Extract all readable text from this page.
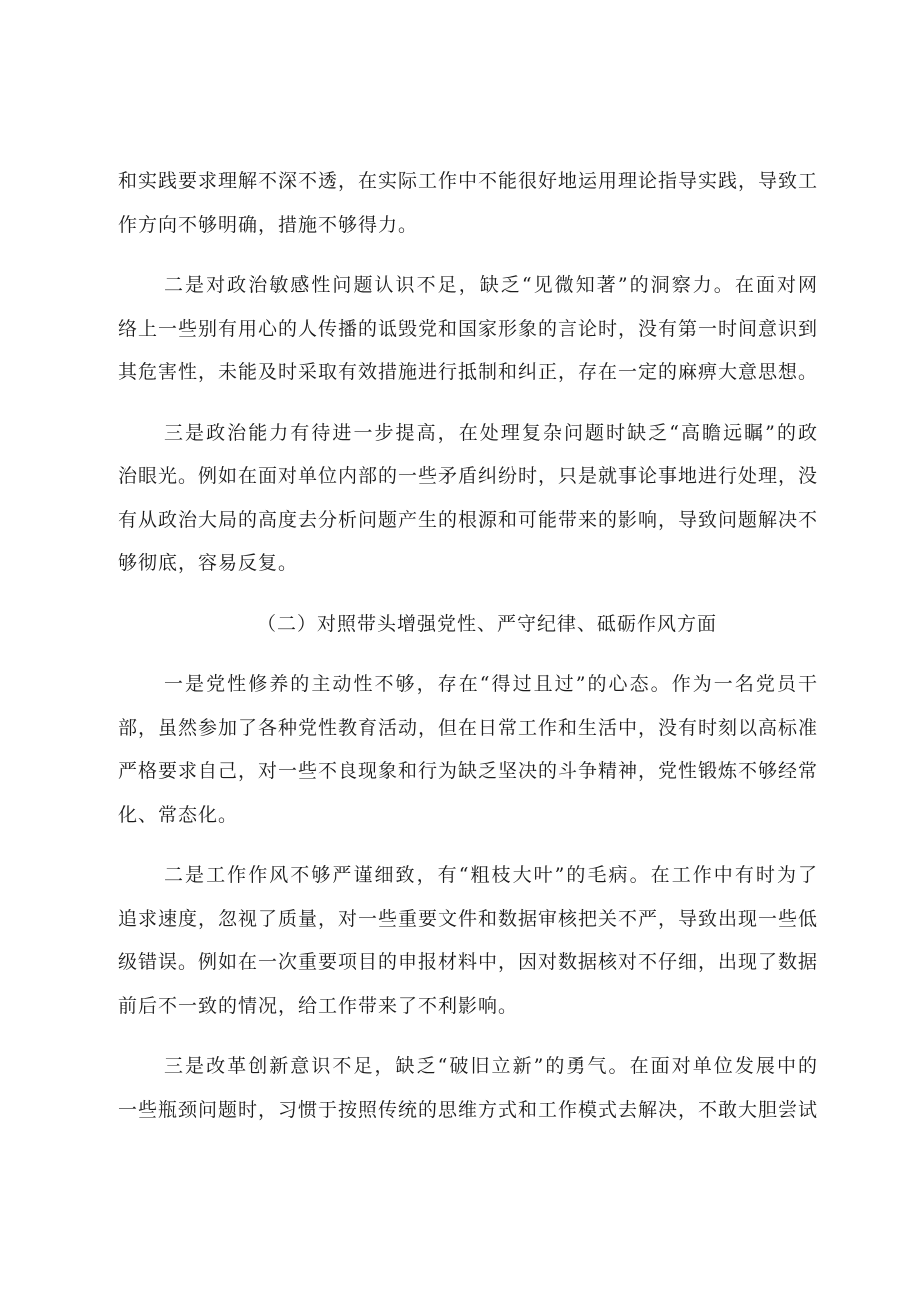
和实践要求理解不深不透，在实际工作中不能很好地运用理论指导实践，导致工
作方向不够明确，措施不够得力。
二是对政治敏感性问题认识不足，缺乏“见微知著”的洞察力。在面对网
络上一些别有用心的人传播的诋毁党和国家形象的言论时，没有第一时间意识到
其危害性，未能及时采取有效措施进行抵制和纠正，存在一定的麻痹大意思想。
三是政治能力有待进一步提高，在处理复杂问题时缺乏“高瞻远瞩”的政
治眼光。例如在面对单位内部的一些矛盾纠纷时，只是就事论事地进行处理，没
有从政治大局的高度去分析问题产生的根源和可能带来的影响，导致问题解决不
够彻底，容易反复。
（二）对照带头增强党性、严守纪律、砥砺作风方面
一是党性修养的主动性不够，存在“得过且过”的心态。作为一名党员干
部，虽然参加了各种党性教育活动，但在日常工作和生活中，没有时刻以高标准
严格要求自己，对一些不良现象和行为缺乏坚决的斗争精神，党性锻炼不够经常
化、常态化。
二是工作作风不够严谨细致，有“粗枝大叶”的毛病。在工作中有时为了
追求速度，忽视了质量，对一些重要文件和数据审核把关不严，导致出现一些低
级错误。例如在一次重要项目的申报材料中，因对数据核对不仔细，出现了数据
前后不一致的情况，给工作带来了不利影响。
三是改革创新意识不足，缺乏“破旧立新”的勇气。在面对单位发展中的
一些瓶颈问题时，习惯于按照传统的思维方式和工作模式去解决，不敢大胆尝试
